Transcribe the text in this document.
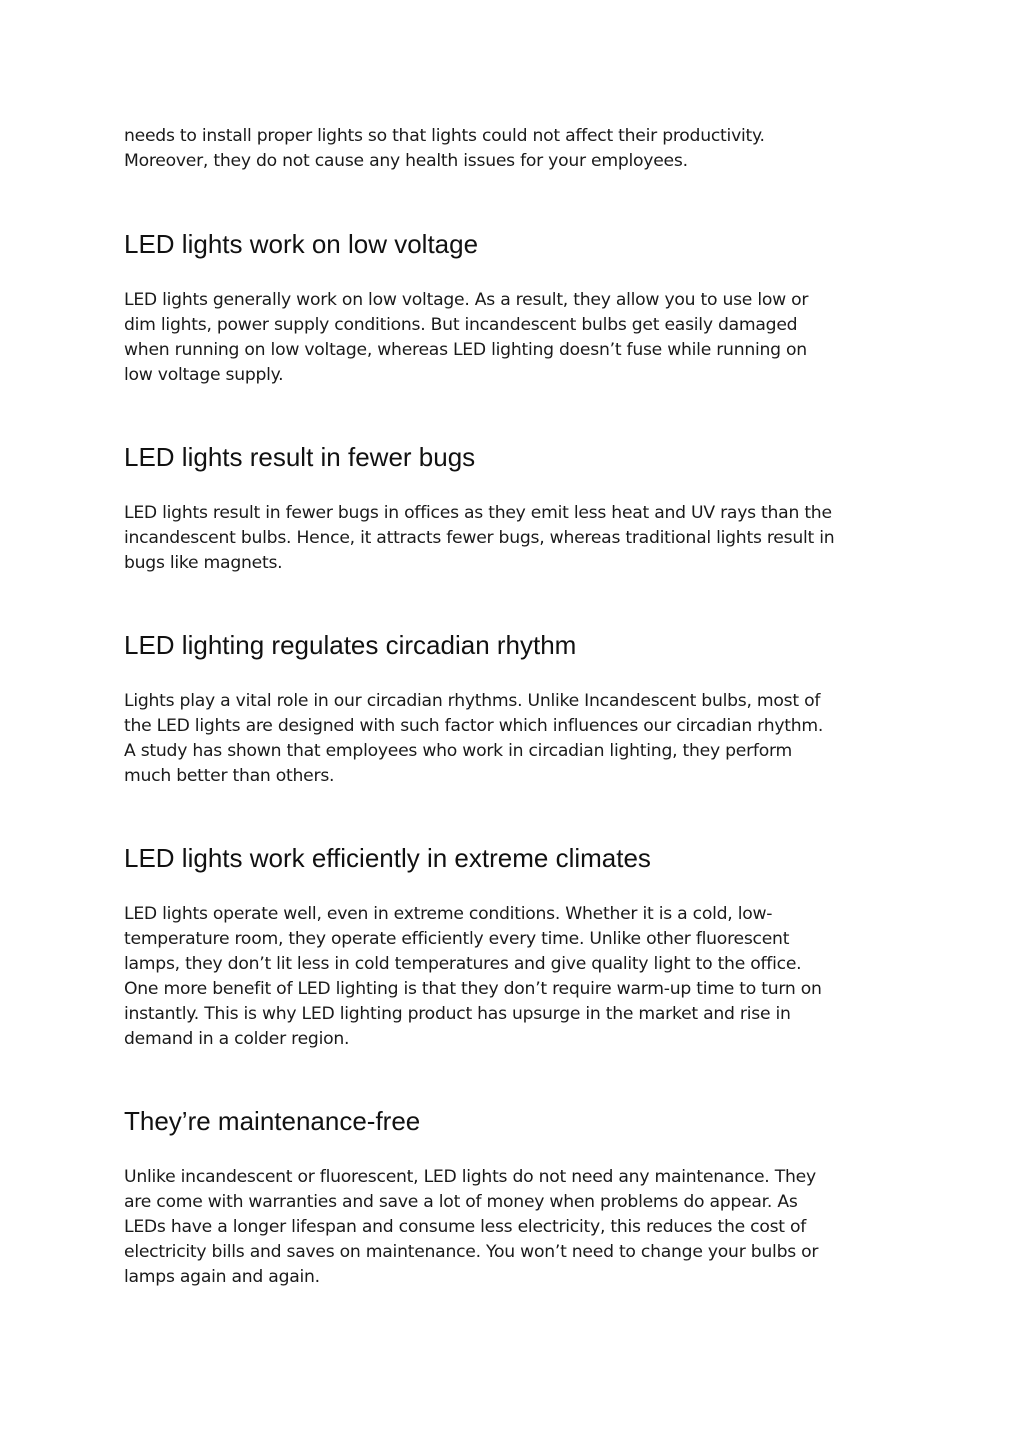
needs to install proper lights so that lights could not affect their productivity.
Moreover, they do not cause any health issues for your employees.

LED lights work on low voltage

LED lights generally work on low voltage. As a result, they allow you to use low or
dim lights, power supply conditions. But incandescent bulbs get easily damaged
when running on low voltage, whereas LED lighting doesn’t fuse while running on
low voltage supply.

LED lights result in fewer bugs

LED lights result in fewer bugs in offices as they emit less heat and UV rays than the
incandescent bulbs. Hence, it attracts fewer bugs, whereas traditional lights result in
bugs like magnets.

LED lighting regulates circadian rhythm

Lights play a vital role in our circadian rhythms. Unlike Incandescent bulbs, most of
the LED lights are designed with such factor which influences our circadian rhythm.
A study has shown that employees who work in circadian lighting, they perform
much better than others.

LED lights work efficiently in extreme climates

LED lights operate well, even in extreme conditions. Whether it is a cold, low-
temperature room, they operate efficiently every time. Unlike other fluorescent
lamps, they don’t lit less in cold temperatures and give quality light to the office.
One more benefit of LED lighting is that they don’t require warm-up time to turn on
instantly. This is why LED lighting product has upsurge in the market and rise in
demand in a colder region.

They’re maintenance-free

Unlike incandescent or fluorescent, LED lights do not need any maintenance. They
are come with warranties and save a lot of money when problems do appear. As
LEDs have a longer lifespan and consume less electricity, this reduces the cost of
electricity bills and saves on maintenance. You won’t need to change your bulbs or
lamps again and again.
